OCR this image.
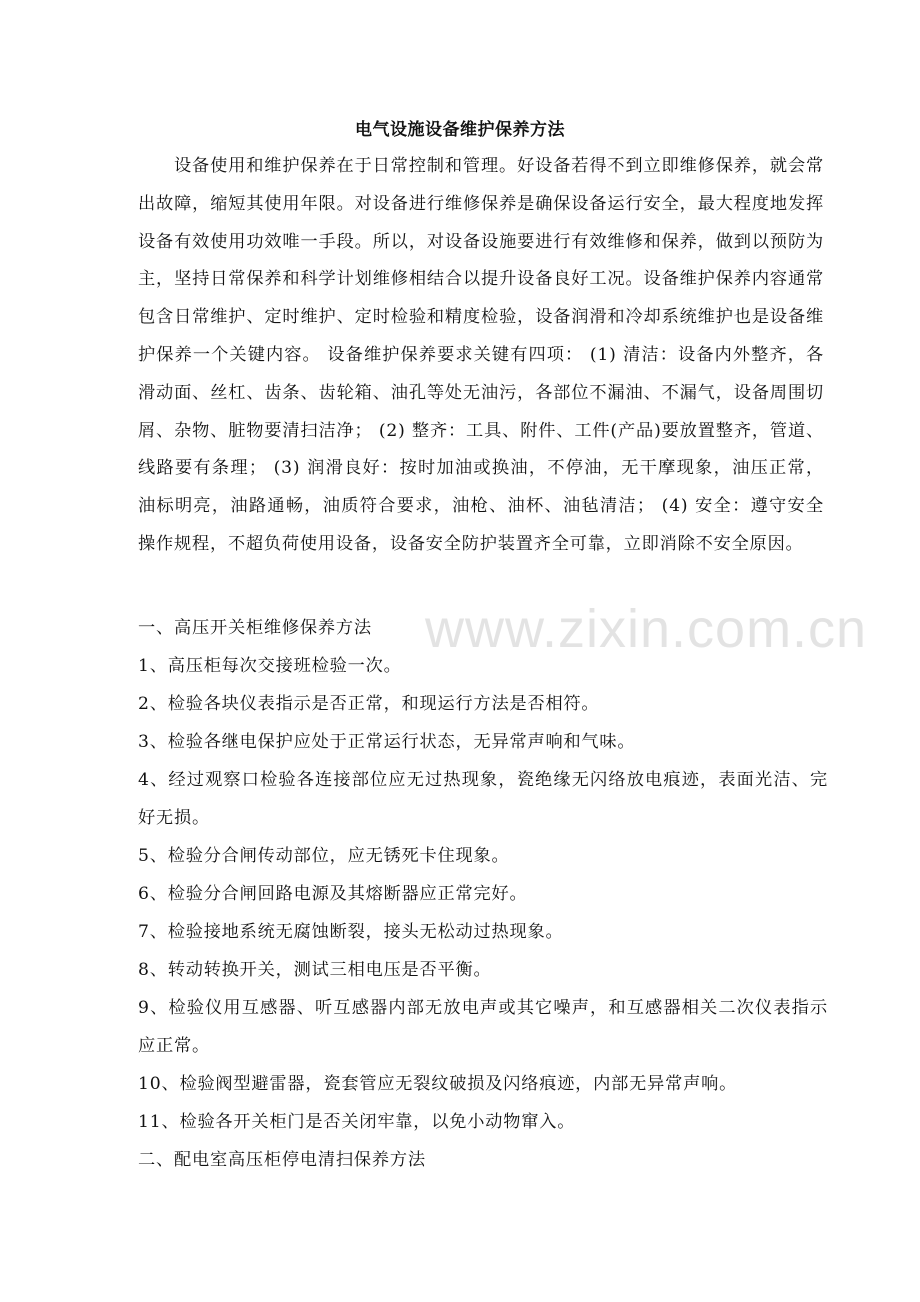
电气设施设备维护保养方法

设备使用和维护保养在于日常控制和管理。好设备若得不到立即维修保养，就会常出故障，缩短其使用年限。对设备进行维修保养是确保设备运行安全，最大程度地发挥设备有效使用功效唯一手段。所以，对设备设施要进行有效维修和保养，做到以预防为主，坚持日常保养和科学计划维修相结合以提升设备良好工况。设备维护保养内容通常包含日常维护、定时维护、定时检验和精度检验，设备润滑和冷却系统维护也是设备维护保养一个关键内容。 设备维护保养要求关键有四项： (1) 清洁：设备内外整齐，各滑动面、丝杠、齿条、齿轮箱、油孔等处无油污，各部位不漏油、不漏气，设备周围切屑、杂物、脏物要清扫洁净； (2) 整齐：工具、附件、工件(产品)要放置整齐，管道、线路要有条理； (3) 润滑良好：按时加油或换油，不停油，无干摩现象，油压正常，油标明亮，油路通畅，油质符合要求，油枪、油杯、油毡清洁； (4) 安全：遵守安全操作规程，不超负荷使用设备，设备安全防护装置齐全可靠，立即消除不安全原因。

一、高压开关柜维修保养方法

1、高压柜每次交接班检验一次。

2、检验各块仪表指示是否正常，和现运行方法是否相符。

3、检验各继电保护应处于正常运行状态，无异常声响和气味。

4、经过观察口检验各连接部位应无过热现象，瓷绝缘无闪络放电痕迹，表面光洁、完好无损。

5、检验分合闸传动部位，应无锈死卡住现象。

6、检验分合闸回路电源及其熔断器应正常完好。

7、检验接地系统无腐蚀断裂，接头无松动过热现象。

8、转动转换开关，测试三相电压是否平衡。

9、检验仪用互感器、听互感器内部无放电声或其它噪声，和互感器相关二次仪表指示应正常。

10、检验阀型避雷器，瓷套管应无裂纹破损及闪络痕迹，内部无异常声响。

11、检验各开关柜门是否关闭牢靠，以免小动物窜入。

二、配电室高压柜停电清扫保养方法

www.zixin.com.cn
